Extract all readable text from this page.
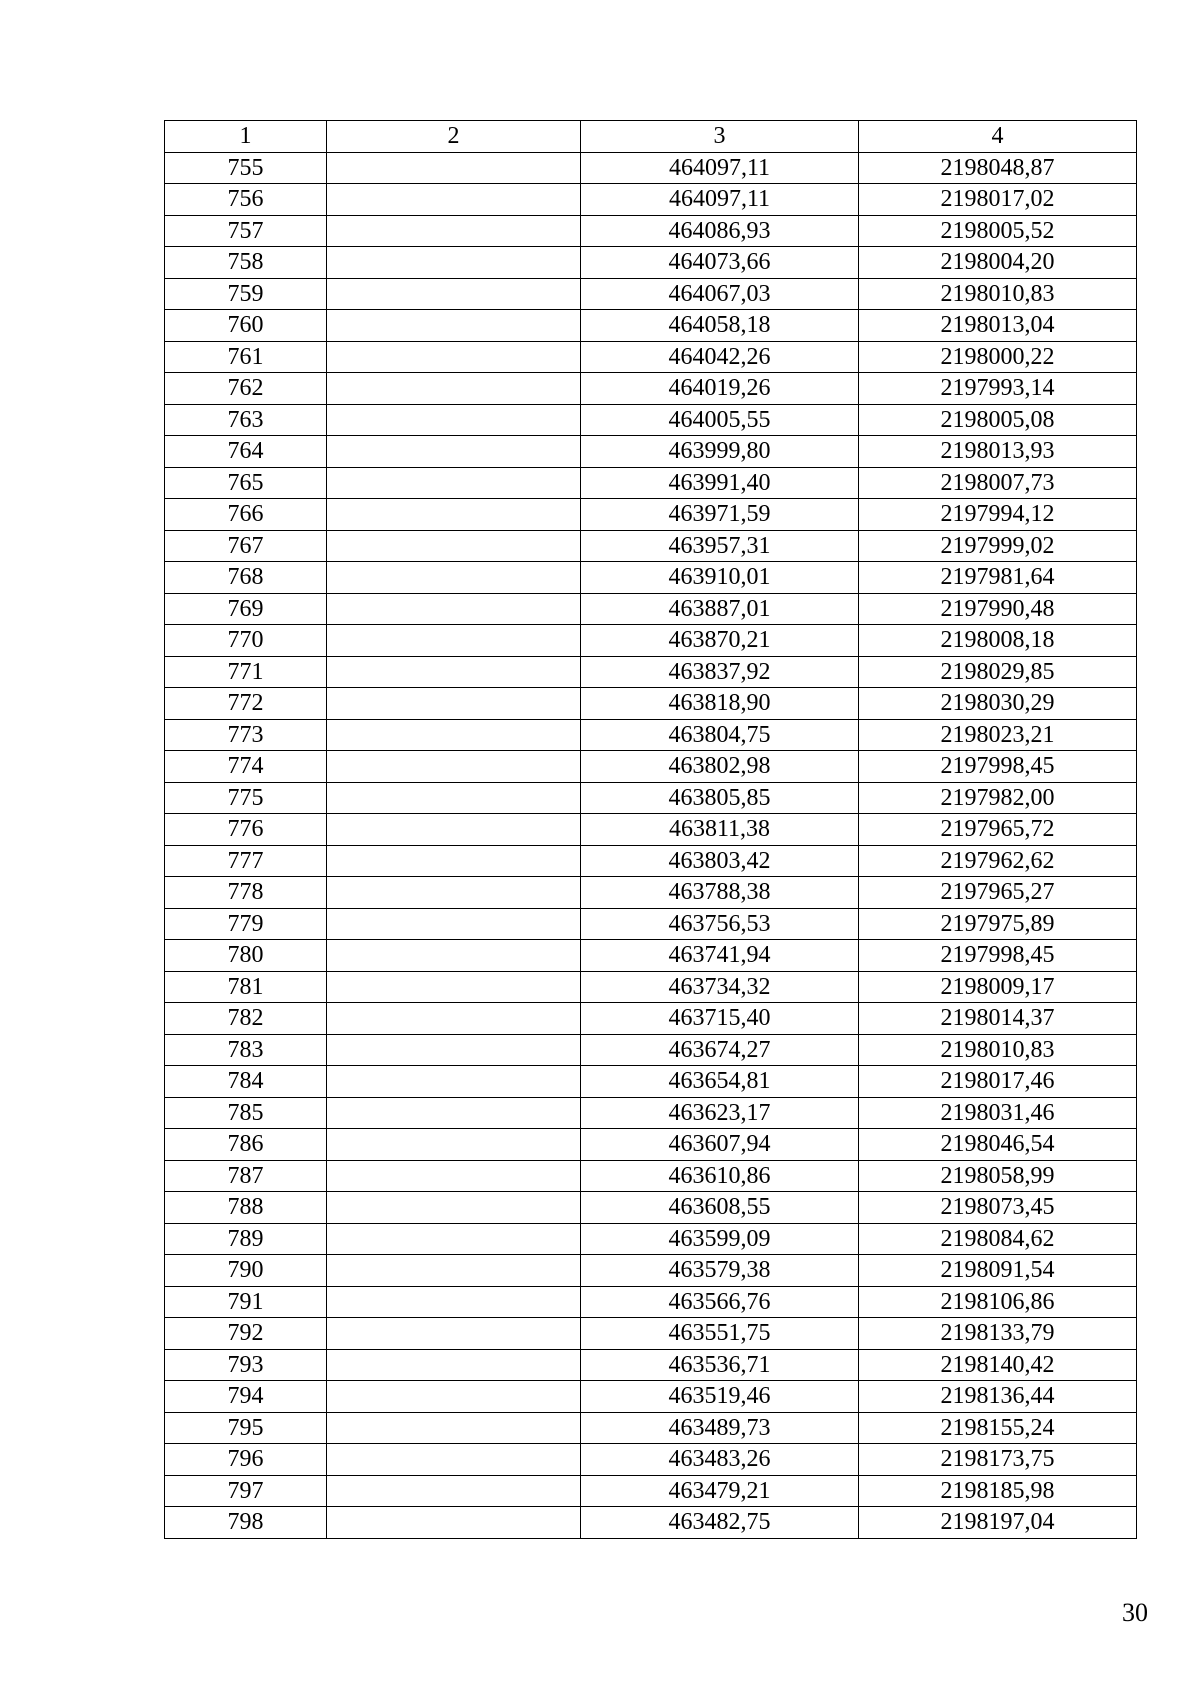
1	2	3	4
755		464097,11	2198048,87
756		464097,11	2198017,02
757		464086,93	2198005,52
758		464073,66	2198004,20
759		464067,03	2198010,83
760		464058,18	2198013,04
761		464042,26	2198000,22
762		464019,26	2197993,14
763		464005,55	2198005,08
764		463999,80	2198013,93
765		463991,40	2198007,73
766		463971,59	2197994,12
767		463957,31	2197999,02
768		463910,01	2197981,64
769		463887,01	2197990,48
770		463870,21	2198008,18
771		463837,92	2198029,85
772		463818,90	2198030,29
773		463804,75	2198023,21
774		463802,98	2197998,45
775		463805,85	2197982,00
776		463811,38	2197965,72
777		463803,42	2197962,62
778		463788,38	2197965,27
779		463756,53	2197975,89
780		463741,94	2197998,45
781		463734,32	2198009,17
782		463715,40	2198014,37
783		463674,27	2198010,83
784		463654,81	2198017,46
785		463623,17	2198031,46
786		463607,94	2198046,54
787		463610,86	2198058,99
788		463608,55	2198073,45
789		463599,09	2198084,62
790		463579,38	2198091,54
791		463566,76	2198106,86
792		463551,75	2198133,79
793		463536,71	2198140,42
794		463519,46	2198136,44
795		463489,73	2198155,24
796		463483,26	2198173,75
797		463479,21	2198185,98
798		463482,75	2198197,04
30
